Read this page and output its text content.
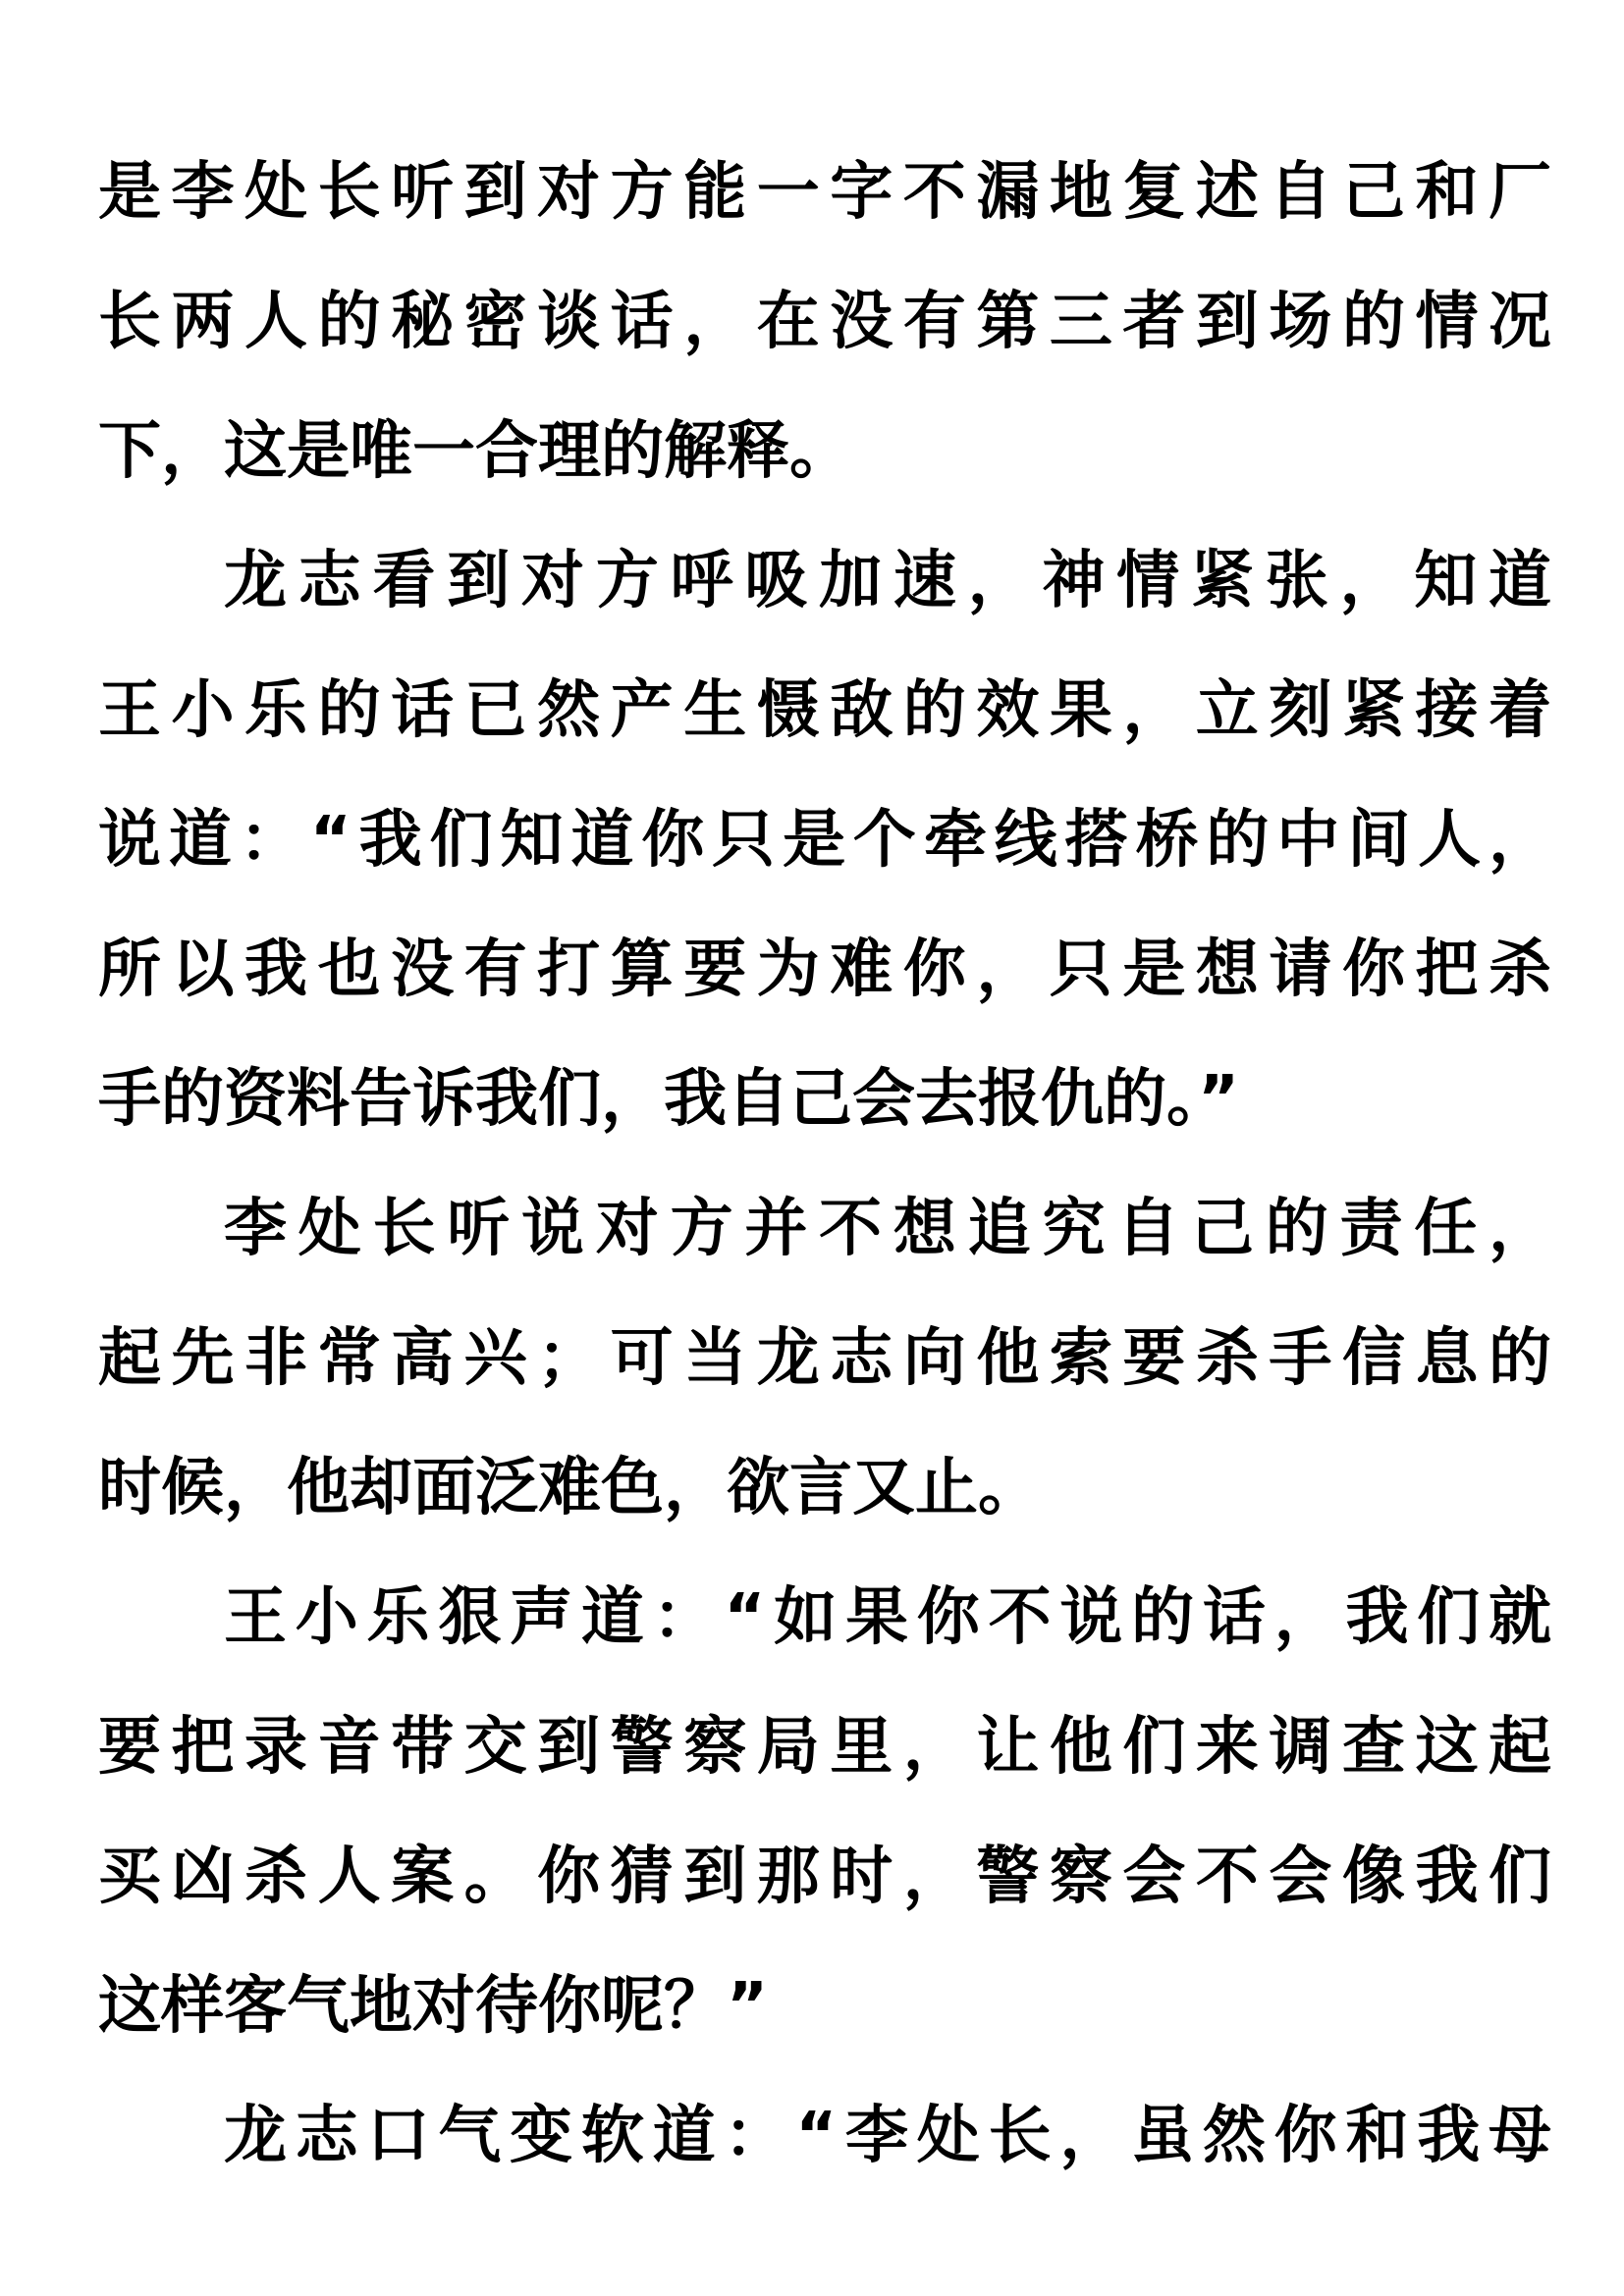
是李处长听到对方能一字不漏地复述自己和厂
长两人的秘密谈话，在没有第三者到场的情况
下，这是唯一合理的解释。
龙志看到对方呼吸加速，神情紧张，知道
王小乐的话已然产生慑敌的效果，立刻紧接着
说道：“我们知道你只是个牵线搭桥的中间人，
所以我也没有打算要为难你，只是想请你把杀
手的资料告诉我们，我自己会去报仇的。”
李处长听说对方并不想追究自己的责任，
起先非常高兴；可当龙志向他索要杀手信息的
时候，他却面泛难色，欲言又止。
王小乐狠声道：“如果你不说的话，我们就
要把录音带交到警察局里，让他们来调查这起
买凶杀人案。你猜到那时，警察会不会像我们
这样客气地对待你呢？”
龙志口气变软道：“李处长，虽然你和我母
